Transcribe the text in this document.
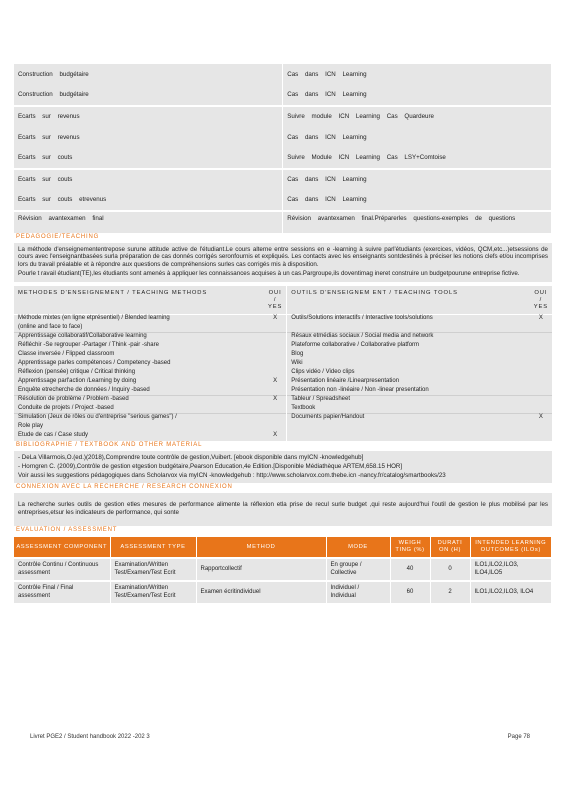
Construction budgétaire	Cas dans ICN Learning
Construction budgétaire	Cas dans ICN Learning
Ecarts sur revenus	Suivre module ICN Learning Cas Quardeure
Ecarts sur revenus	Cas dans ICN Learning
Ecarts sur couts	Suivre Module ICN Learning Cas LSY+Comtoise
Ecarts sur couts	Cas dans ICN Learning
Ecarts sur couts etrevenus	Cas dans ICN Learning
Révision avantexamen final	Révision avantexamen final.Préparerles questions-exemples de questions
PEDAGOGIE/TEACHING

La méthode d'enseignemententrepose surune attitude active de l'étudiant.Le cours alterne entre sessions en e -learning à suivre parl'étudiants (exercices, vidéos, QCM,etc...)etsessions de cours avec l'enseignantbasées surla préparation de cas donnés corrigés seronfournis et expliqués. Les contacts avec les enseignants sontdestinés à préciser les notions clefs et/ou incomprises lors du travail préalable et à répondre aux questions de compréhensions surles cas corrigés mis à disposition.

Pourle t ravail étudiant(TE),les étudiants sont amenés à appliquer les connaissances acquises à un cas.Pargroupe,ils doventimag ineret construire un budgetpourune entreprise fictive.

METHODES D'ENSEIGNEMENT / TEACHING METHODS	OUI / YES	OUTILS D'ENSEIGNEM ENT / TEACHING TOOLS	OUI / YES
Méthode mixtes (en ligne etprésentiel) / Blended learning	X	Outils/Solutions interactifs / Interactive tools/solutions	X
(online and face to face)			
Apprentissage collaboratif/Collaborative learning		Résaux etmédias sociaux / Social media and network	
Réfléchir -Se regrouper -Partager / Think -pair -share		Plateforme collaborative / Collaborative platform	
Classe inversée / Flipped classroom		Blog	
Apprentissage parles compétences / Competency -based		Wiki	
Réflexion (pensée) critique / Critical thinking		Clips vidéo / Video clips	
Apprentissage parl'action /Learning by doing	X	Présentation linéaire /Linearpresentation	
Enquête etrecherche de données / Inquiry -based		Présentation non -linéaire / Non -linear presentation	
Résolution de problème / Problem -based	X	Tableur / Spreadsheet	
Conduite de projets / Project -based		Textbook	
Simulation (Jeux de rôles ou d'entreprise "serious games") /		Documents papier/Handout	X
Role play			
Etude de cas / Case study	X		
BIBLIOGRAPHIE / TEXTBOOK AND OTHER MATERIAL

- DeLa Villarmois,O.(ed.)(2018),Comprendre toute contrôle de gestion,Vuibert. [ebook disponible dans myICN -knowledgehub]

- Horngren C. (2009),Contrôle de gestion etgestion budgétaire,Pearson Education,4e Edition.[Disponible Médiathèque ARTEM,658.15 HOR]

Voir aussi les suggestions pédagogiques dans Scholarvox via myICN -knowledgehub : http://www.scholarvox.com.thebe.icn -nancy.fr/catalog/smartbooks/23

CONNEXION AVEC LA RECHERCHE / RESEARCH CONNEXION

La recherche surles outils de gestion etles mesures de performance alimente la réflexion etla prise de recul surle budget ,qui reste aujourd'hui l'outil de gestion le plus mobilisé par les entreprises,etsur les indicateurs de performance, qui sonte

EVALUATION / ASSESSMENT
ASSESSMENT COMPONENT	ASSESSMENT TYPE	METHOD	MODE	WEIGH TING (%)	DURATI ON (H)	INTENDED LEARNING OUTCOMES (ILOs)
Contrôle Continu / Continuous assessment	Examination/Written Test/Examen/Test Ecrit	Rapportcollectif	En groupe / Collective	40	0	ILO1,ILO2,ILO3, ILO4,ILO5
Contrôle Final / Final assessment	Examination/Written Test/Examen/Test Ecrit	Examen écritindividuel	Individuel / Individual	60	2	ILO1,ILO2,ILO3, ILO4
Livret PGE2 / Student handbook 2022 -202 3	Page 78
